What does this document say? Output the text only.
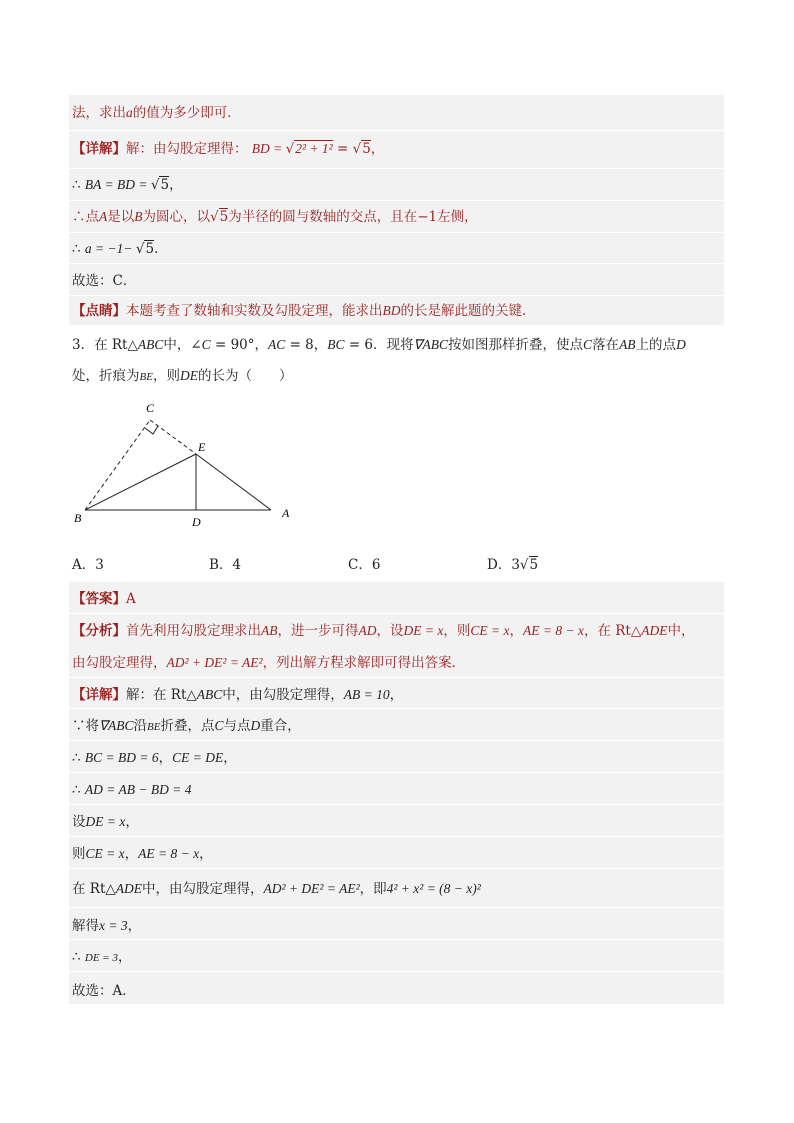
法，求出a的值为多少即可．
【详解】解：由勾股定理得： BD = √2² + 1² = √5，
∴ BA = BD = √5，
∴点A是以B为圆心，以√5为半径的圆与数轴的交点，且在−1左侧，
∴ a = −1− √5．
故选：C．
【点睛】本题考查了数轴和实数及勾股定理，能求出BD的长是解此题的关键．
3．在 Rt△ABC中，∠C = 90°，AC = 8，BC = 6．现将∇ABC按如图那样折叠，使点C落在AB上的点D
处，折痕为BE，则DE的长为（　　）
C
E
B	D
A
A．3	B．4	C．6	D．3√5
【答案】A
【分析】首先利用勾股定理求出AB，进一步可得AD，设DE = x，则CE = x，AE = 8 − x，在 Rt△ADE中，
由勾股定理得，AD² + DE² = AE²，列出解方程求解即可得出答案．
【详解】解：在 Rt△ABC中，由勾股定理得，AB = 10，
∵将∇ABC沿BE折叠，点C与点D重合，
∴ BC = BD = 6，CE = DE，
∴ AD = AB − BD = 4
设DE = x，
则CE = x，AE = 8 − x，
在 Rt△ADE中，由勾股定理得，AD² + DE² = AE²，即4² + x² = (8 − x)²
解得x = 3，
∴ DE = 3，
故选：A．
